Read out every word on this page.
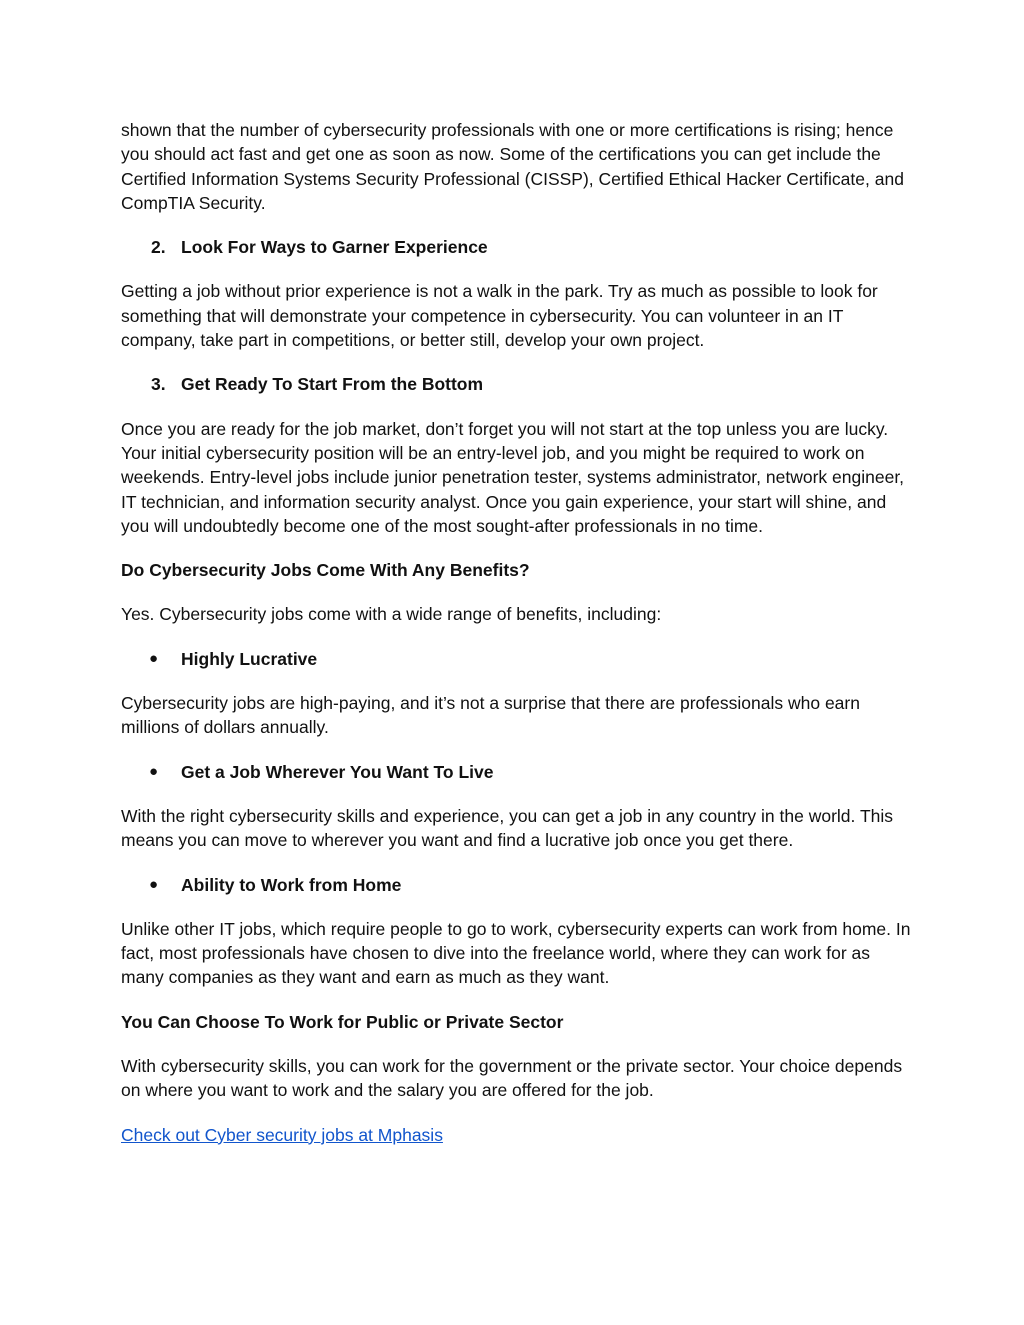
shown that the number of cybersecurity professionals with one or more certifications is rising; hence you should act fast and get one as soon as now. Some of the certifications you can get include the Certified Information Systems Security Professional (CISSP), Certified Ethical Hacker Certificate, and CompTIA Security.

2. Look For Ways to Garner Experience

Getting a job without prior experience is not a walk in the park. Try as much as possible to look for something that will demonstrate your competence in cybersecurity. You can volunteer in an IT company, take part in competitions, or better still, develop your own project.

3. Get Ready To Start From the Bottom

Once you are ready for the job market, don’t forget you will not start at the top unless you are lucky. Your initial cybersecurity position will be an entry-level job, and you might be required to work on weekends. Entry-level jobs include junior penetration tester, systems administrator, network engineer, IT technician, and information security analyst. Once you gain experience, your start will shine, and you will undoubtedly become one of the most sought-after professionals in no time.

Do Cybersecurity Jobs Come With Any Benefits?

Yes. Cybersecurity jobs come with a wide range of benefits, including:

●	Highly Lucrative

Cybersecurity jobs are high-paying, and it’s not a surprise that there are professionals who earn millions of dollars annually.

●	Get a Job Wherever You Want To Live

With the right cybersecurity skills and experience, you can get a job in any country in the world. This means you can move to wherever you want and find a lucrative job once you get there.

●	Ability to Work from Home

Unlike other IT jobs, which require people to go to work, cybersecurity experts can work from home. In fact, most professionals have chosen to dive into the freelance world, where they can work for as many companies as they want and earn as much as they want.

You Can Choose To Work for Public or Private Sector

With cybersecurity skills, you can work for the government or the private sector. Your choice depends on where you want to work and the salary you are offered for the job.

Check out Cyber security jobs at Mphasis
